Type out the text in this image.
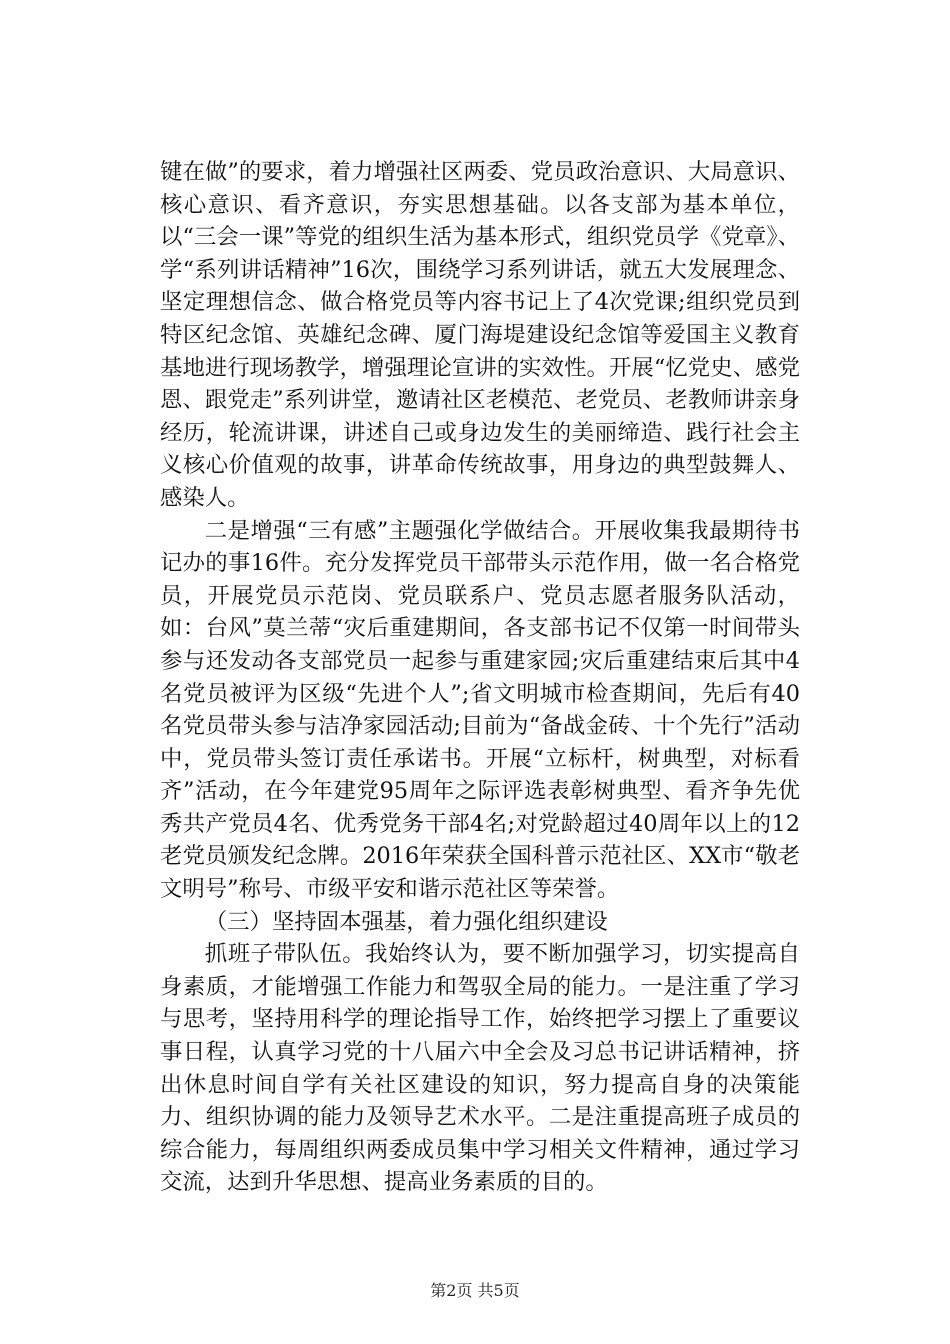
键在做”的要求，着力增强社区两委、党员政治意识、大局意识、核心意识、看齐意识，夯实思想基础。以各支部为基本单位，以“三会一课”等党的组织生活为基本形式，组织党员学《党章》、学“系列讲话精神”16次，围绕学习系列讲话，就五大发展理念、坚定理想信念、做合格党员等内容书记上了4次党课;组织党员到特区纪念馆、英雄纪念碑、厦门海堤建设纪念馆等爱国主义教育基地进行现场教学，增强理论宣讲的实效性。开展“忆党史、感党恩、跟党走”系列讲堂，邀请社区老模范、老党员、老教师讲亲身经历，轮流讲课，讲述自己或身边发生的美丽缔造、践行社会主义核心价值观的故事，讲革命传统故事，用身边的典型鼓舞人、感染人。

二是增强“三有感”主题强化学做结合。开展收集我最期待书记办的事16件。充分发挥党员干部带头示范作用，做一名合格党员，开展党员示范岗、党员联系户、党员志愿者服务队活动，如：台风”莫兰蒂“灾后重建期间，各支部书记不仅第一时间带头参与还发动各支部党员一起参与重建家园;灾后重建结束后其中4名党员被评为区级“先进个人”;省文明城市检查期间，先后有40名党员带头参与洁净家园活动;目前为“备战金砖、十个先行”活动中，党员带头签订责任承诺书。开展“立标杆，树典型，对标看齐”活动，在今年建党95周年之际评选表彰树典型、看齐争先优秀共产党员4名、优秀党务干部4名;对党龄超过40周年以上的12老党员颁发纪念牌。2016年荣获全国科普示范社区、XX市“敬老文明号”称号、市级平安和谐示范社区等荣誉。

（三）坚持固本强基，着力强化组织建设

抓班子带队伍。我始终认为，要不断加强学习，切实提高自身素质，才能增强工作能力和驾驭全局的能力。一是注重了学习与思考，坚持用科学的理论指导工作，始终把学习摆上了重要议事日程，认真学习党的十八届六中全会及习总书记讲话精神，挤出休息时间自学有关社区建设的知识，努力提高自身的决策能力、组织协调的能力及领导艺术水平。二是注重提高班子成员的综合能力，每周组织两委成员集中学习相关文件精神，通过学习交流，达到升华思想、提高业务素质的目的。

第2页 共5页
